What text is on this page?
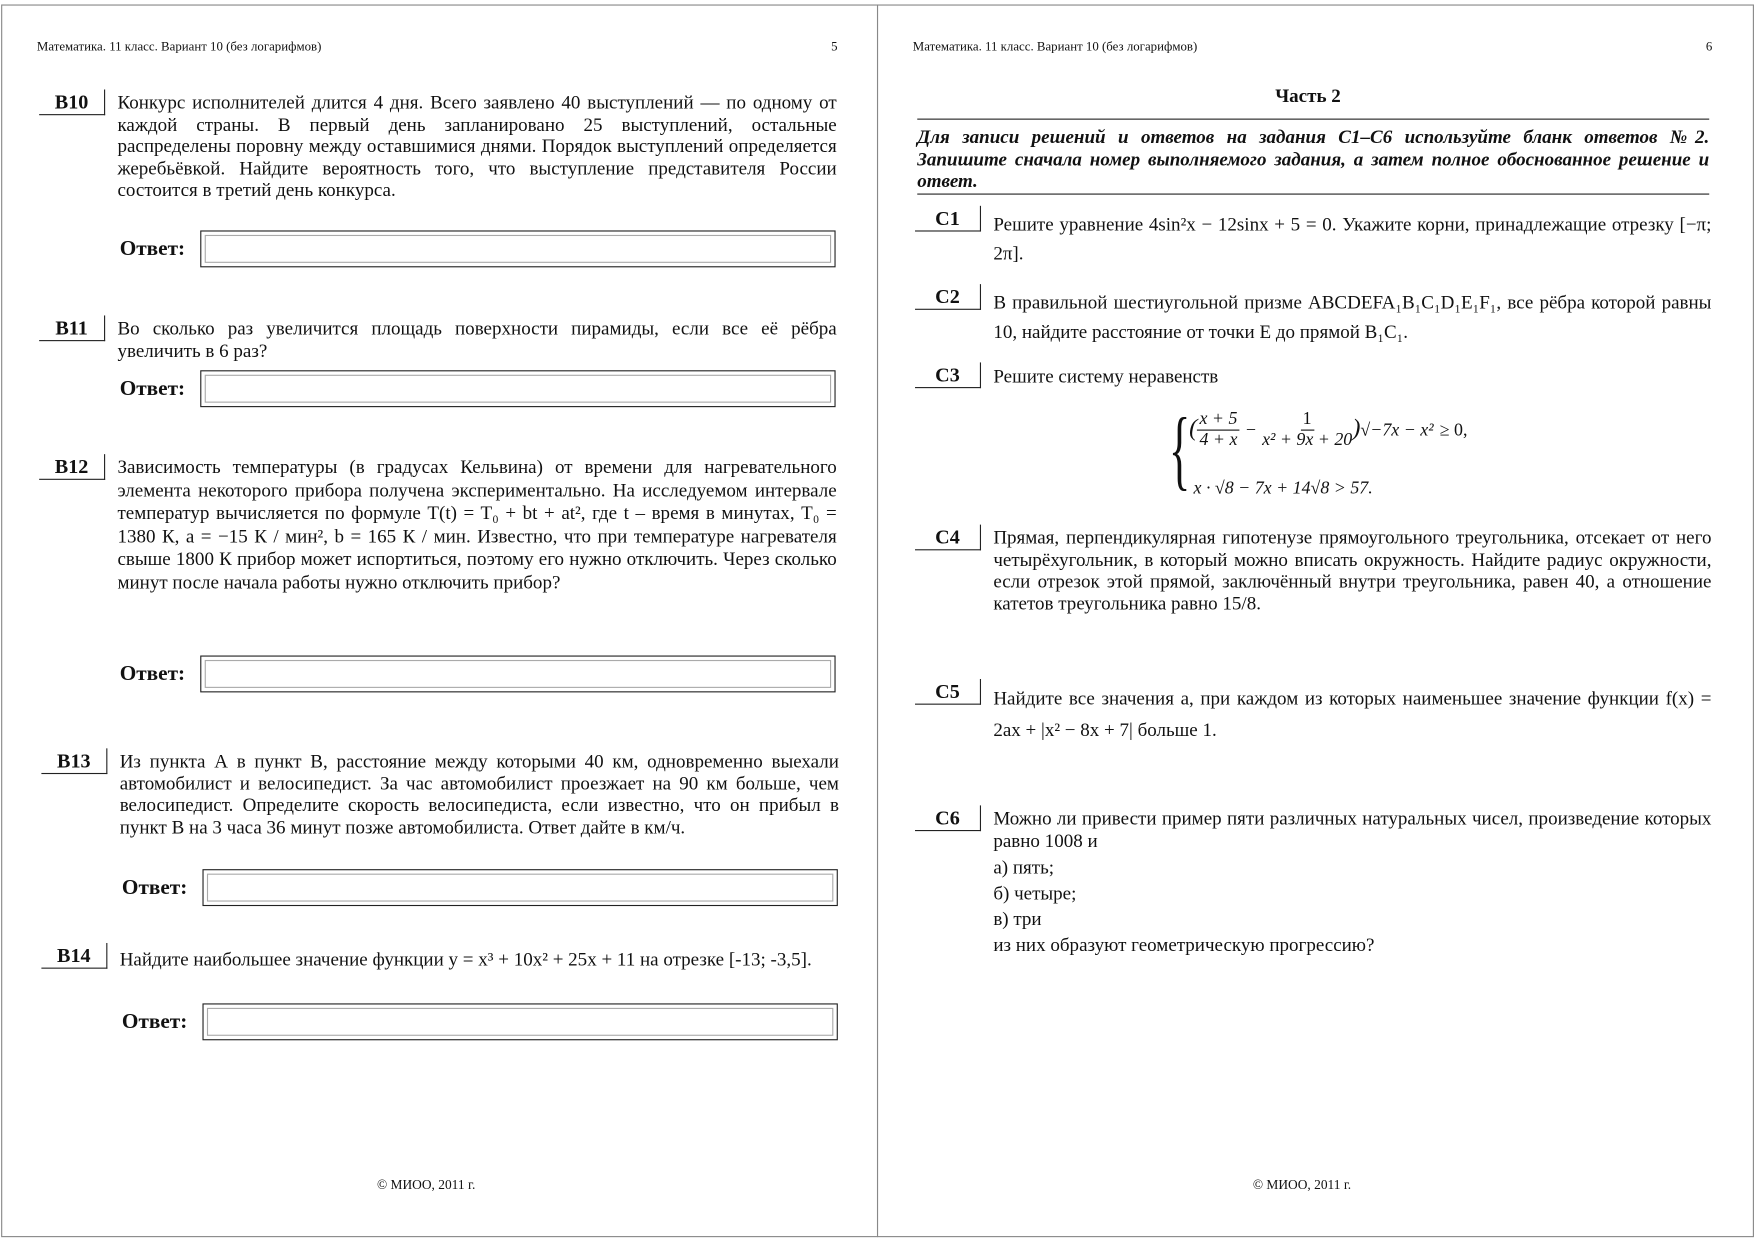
Математика. 11 класс. Вариант 10 (без логарифмов)	5
B10	Конкурс исполнителей длится 4 дня. Всего заявлено 40 выступлений — по одному от каждой страны. В первый день запланировано 25 выступлений, остальные распределены поровну между оставшимися днями. Порядок выступлений определяется жеребьёвкой. Найдите вероятность того, что выступление представителя России состоится в третий день конкурса.
Ответ:
B11	Во сколько раз увеличится площадь поверхности пирамиды, если все её рёбра увеличить в 6 раз?
Ответ:
B12	Зависимость температуры (в градусах Кельвина) от времени для нагревательного элемента некоторого прибора получена экспериментально. На исследуемом интервале температур вычисляется по формуле T(t) = T₀ + bt + at², где t – время в минутах, T₀ = 1380 К, a = −15 К / мин², b = 165 К / мин. Известно, что при температуре нагревателя свыше 1800 К прибор может испортиться, поэтому его нужно отключить. Через сколько минут после начала работы нужно отключить прибор?
Ответ:
B13	Из пункта А в пункт В, расстояние между которыми 40 км, одновременно выехали автомобилист и велосипедист. За час автомобилист проезжает на 90 км больше, чем велосипедист. Определите скорость велосипедиста, если известно, что он прибыл в пункт В на 3 часа 36 минут позже автомобилиста. Ответ дайте в км/ч.
Ответ:
B14	Найдите наибольшее значение функции y = x³ + 10x² + 25x + 11 на отрезке [-13; -3,5].
Ответ:
© МИОО, 2011 г.
Математика. 11 класс. Вариант 10 (без логарифмов)	6
Часть 2
Для записи решений и ответов на задания С1–С6 используйте бланк ответов №2. Запишите сначала номер выполняемого задания, а затем полное обоснованное решение и ответ.
C1	Решите уравнение 4sin²x − 12sinx + 5 = 0. Укажите корни, принадлежащие отрезку [−π; 2π].
C2	В правильной шестиугольной призме ABCDEFA₁B₁C₁D₁E₁F₁, все рёбра которой равны 10, найдите расстояние от точки E до прямой B₁C₁.
C3	Решите систему неравенств
{
( $\frac{x + 5}{4 + x} - \frac{1}{\text{x² + 9x + 20}} )√-7x - x^2 \ge 0$,
x · √8 − 7x + 14√8 > 57.
C4	Прямая, перпендикулярная гипотенузе прямоугольного треугольника, отсекает от него четырёхугольник, в который можно вписать окружность. Найдите радиус окружности, если отрезок этой прямой, заключённый внутри треугольника, равен 40, а отношение катетов треугольника равно 15/8.
C5	Найдите все значения a, при каждом из которых наименьшее значение функции f(x) = 2ax + |x² − 8x + 7| больше 1.
C6	Можно ли привести пример пяти различных натуральных чисел, произведение которых равно 1008 и
а) пять;
б) четыре;
в) три
из них образуют геометрическую прогрессию?
© МИОО, 2011 г.
